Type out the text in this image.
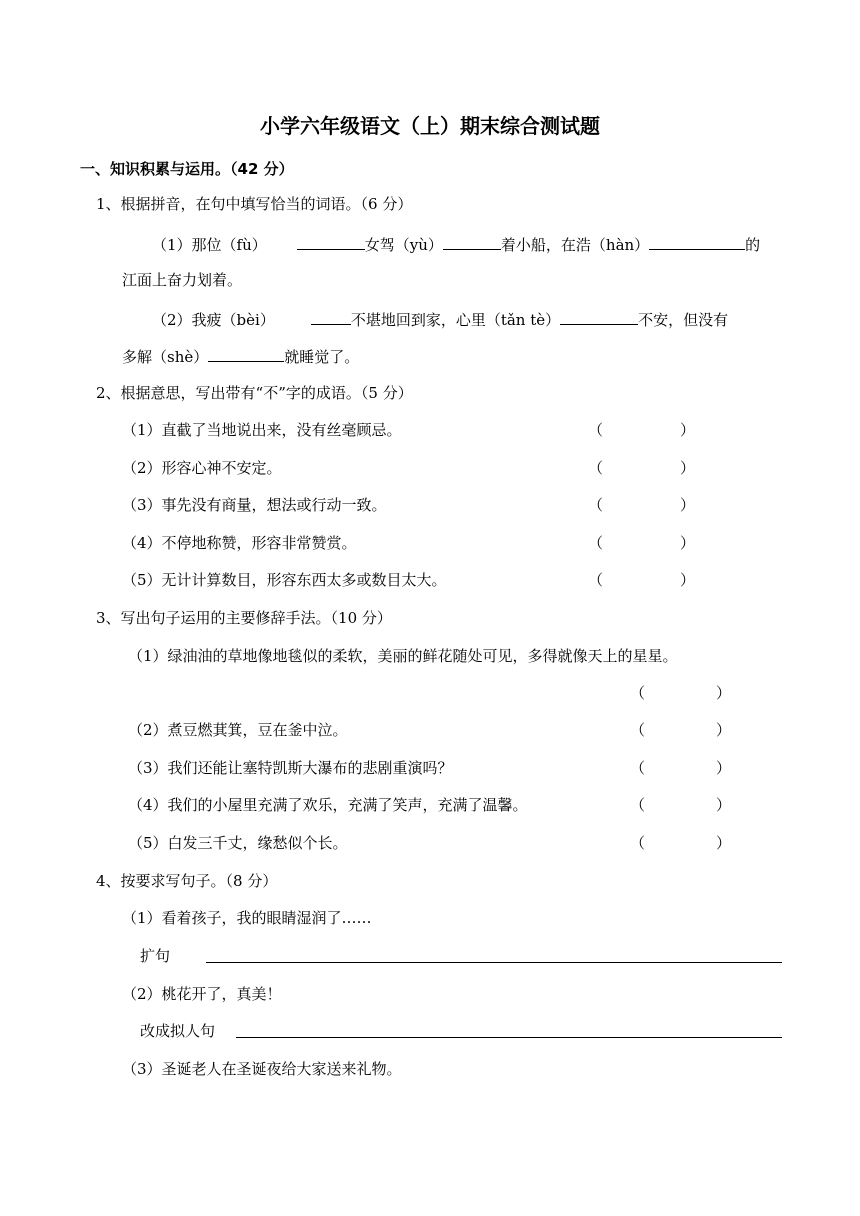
小学六年级语文（上）期末综合测试题
一、知识积累与运用。（42 分）
1、根据拼音，在句中填写恰当的词语。（6 分）
（1）那位（fù）	女驾（yù）	着小船，在浩（hàn）	的
江面上奋力划着。
（2）我疲（bèi）	不堪地回到家，心里（tǎn tè）	不安，但没有
多解（shè）	就睡觉了。
2、根据意思，写出带有“不”字的成语。（5 分）
（1）直截了当地说出来，没有丝毫顾忌。	（	）
（2）形容心神不安定。	（	）
（3）事先没有商量，想法或行动一致。	（	）
（4）不停地称赞，形容非常赞赏。	（	）
（5）无计计算数目，形容东西太多或数目太大。	（	）
3、写出句子运用的主要修辞手法。（10 分）
（1）绿油油的草地像地毯似的柔软，美丽的鲜花随处可见，多得就像天上的星星。
（	）
（2）煮豆燃萁箕，豆在釜中泣。	（	）
（3）我们还能让塞特凯斯大瀑布的悲剧重演吗？	（	）
（4）我们的小屋里充满了欢乐，充满了笑声，充满了温馨。	（	）
（5）白发三千丈，缘愁似个长。	（	）
4、按要求写句子。（8 分）
（1）看着孩子，我的眼睛湿润了……
扩句
（2）桃花开了，真美！
改成拟人句
（3）圣诞老人在圣诞夜给大家送来礼物。
